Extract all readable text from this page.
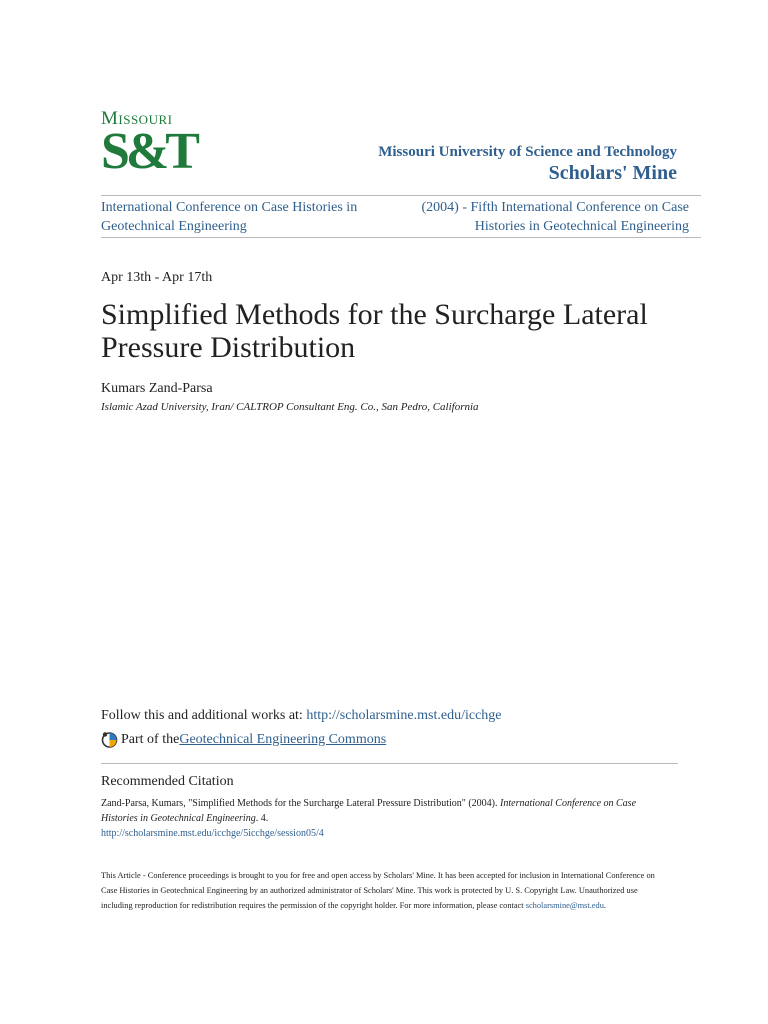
Missouri
S&T	Missouri University of Science and Technology
Scholars' Mine
International Conference on Case Histories in Geotechnical Engineering
(2004) - Fifth International Conference on Case Histories in Geotechnical Engineering
Apr 13th - Apr 17th
Simplified Methods for the Surcharge Lateral Pressure Distribution
Kumars Zand-Parsa
Islamic Azad University, Iran/ CALTROP Consultant Eng. Co., San Pedro, California
Follow this and additional works at: http://scholarsmine.mst.edu/icchge
Part of the Geotechnical Engineering Commons
Recommended Citation
Zand-Parsa, Kumars, "Simplified Methods for the Surcharge Lateral Pressure Distribution" (2004). International Conference on Case Histories in Geotechnical Engineering. 4.
http://scholarsmine.mst.edu/icchge/5icchge/session05/4
This Article - Conference proceedings is brought to you for free and open access by Scholars' Mine. It has been accepted for inclusion in International Conference on Case Histories in Geotechnical Engineering by an authorized administrator of Scholars' Mine. This work is protected by U. S. Copyright Law. Unauthorized use including reproduction for redistribution requires the permission of the copyright holder. For more information, please contact scholarsmine@mst.edu.
